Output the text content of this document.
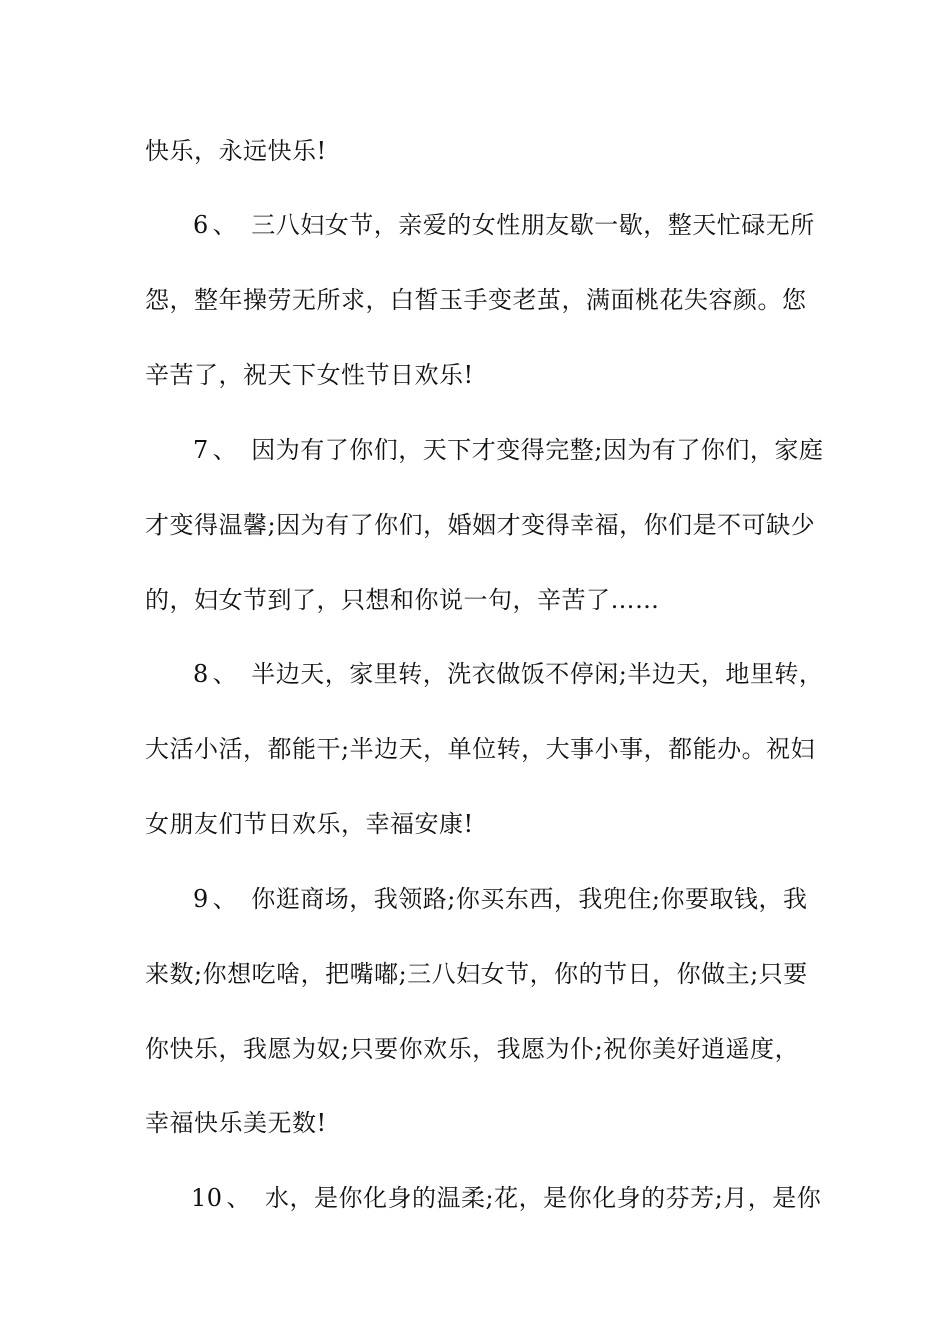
快乐，永远快乐!
6 、 三八妇女节，亲爱的女性朋友歇一歇，整天忙碌无所
怨，整年操劳无所求，白皙玉手变老茧，满面桃花失容颜。您
辛苦了，祝天下女性节日欢乐!
7 、 因为有了你们，天下才变得完整;因为有了你们，家庭
才变得温馨;因为有了你们，婚姻才变得幸福，你们是不可缺少
的，妇女节到了，只想和你说一句，辛苦了……
8 、 半边天，家里转，洗衣做饭不停闲;半边天，地里转，
大活小活，都能干;半边天，单位转，大事小事，都能办。祝妇
女朋友们节日欢乐，幸福安康!
9 、 你逛商场，我领路;你买东西，我兜住;你要取钱，我
来数;你想吃啥，把嘴嘟;三八妇女节，你的节日，你做主;只要
你快乐，我愿为奴;只要你欢乐，我愿为仆;祝你美好逍遥度，
幸福快乐美无数!
10 、 水，是你化身的温柔;花，是你化身的芬芳;月，是你
